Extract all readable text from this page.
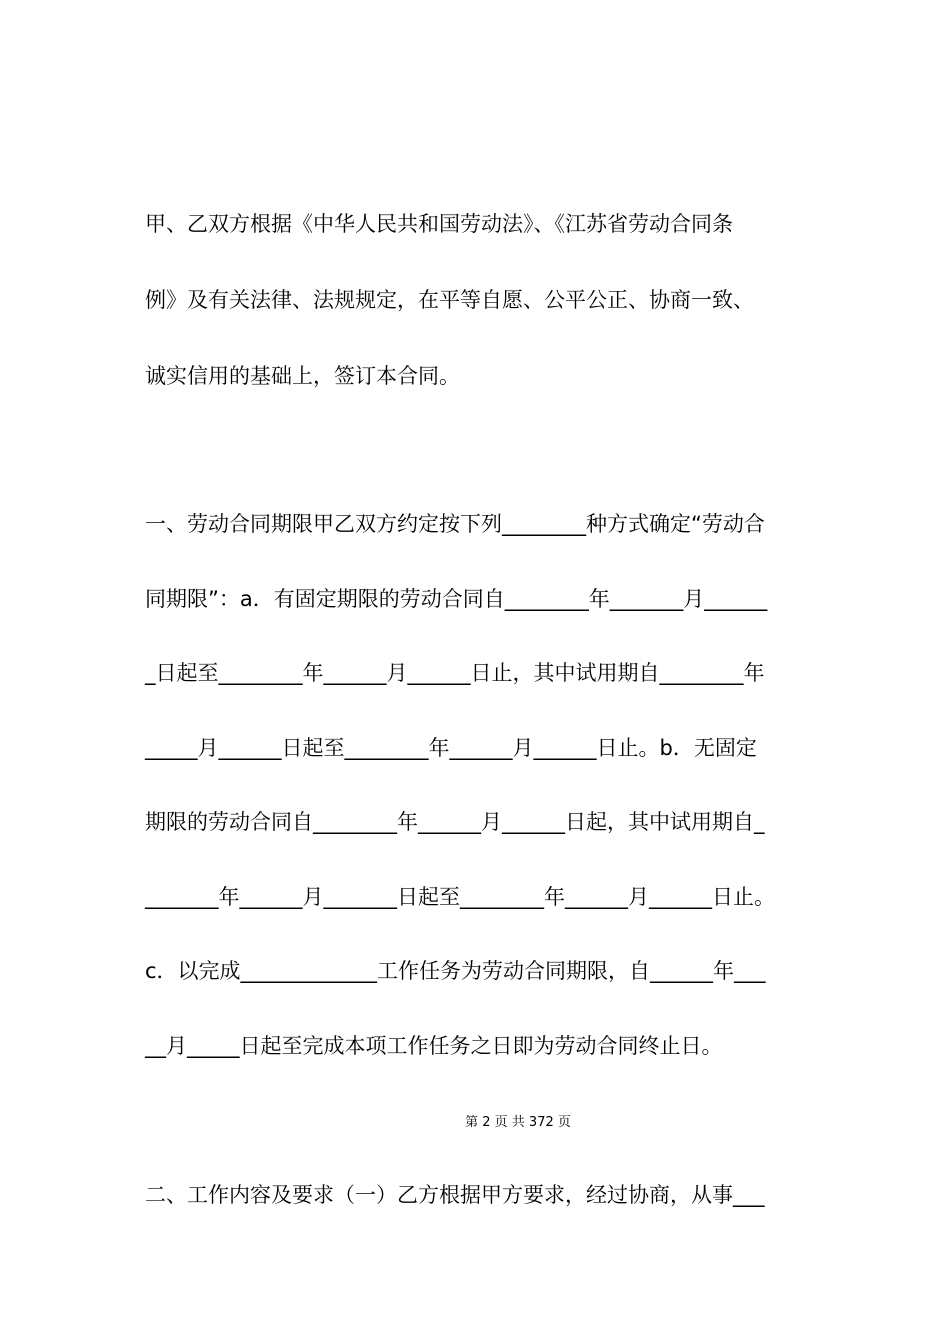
甲、乙双方根据《中华人民共和国劳动法》、《江苏省劳动合同条

例》及有关法律、法规规定，在平等自愿、公平公正、协商一致、

诚实信用的基础上，签订本合同。

一、劳动合同期限甲乙双方约定按下列________种方式确定“劳动合

同期限”：a．有固定期限的劳动合同自________年_______月______

_日起至________年______月______日止，其中试用期自________年

_____月______日起至________年______月______日止。b．无固定

期限的劳动合同自________年______月______日起，其中试用期自_

_______年______月_______日起至________年______月______日止。

c．以完成_____________工作任务为劳动合同期限，自______年___

__月_____日起至完成本项工作任务之日即为劳动合同终止日。

第 2 页 共 372 页

二、工作内容及要求（一）乙方根据甲方要求，经过协商，从事___
